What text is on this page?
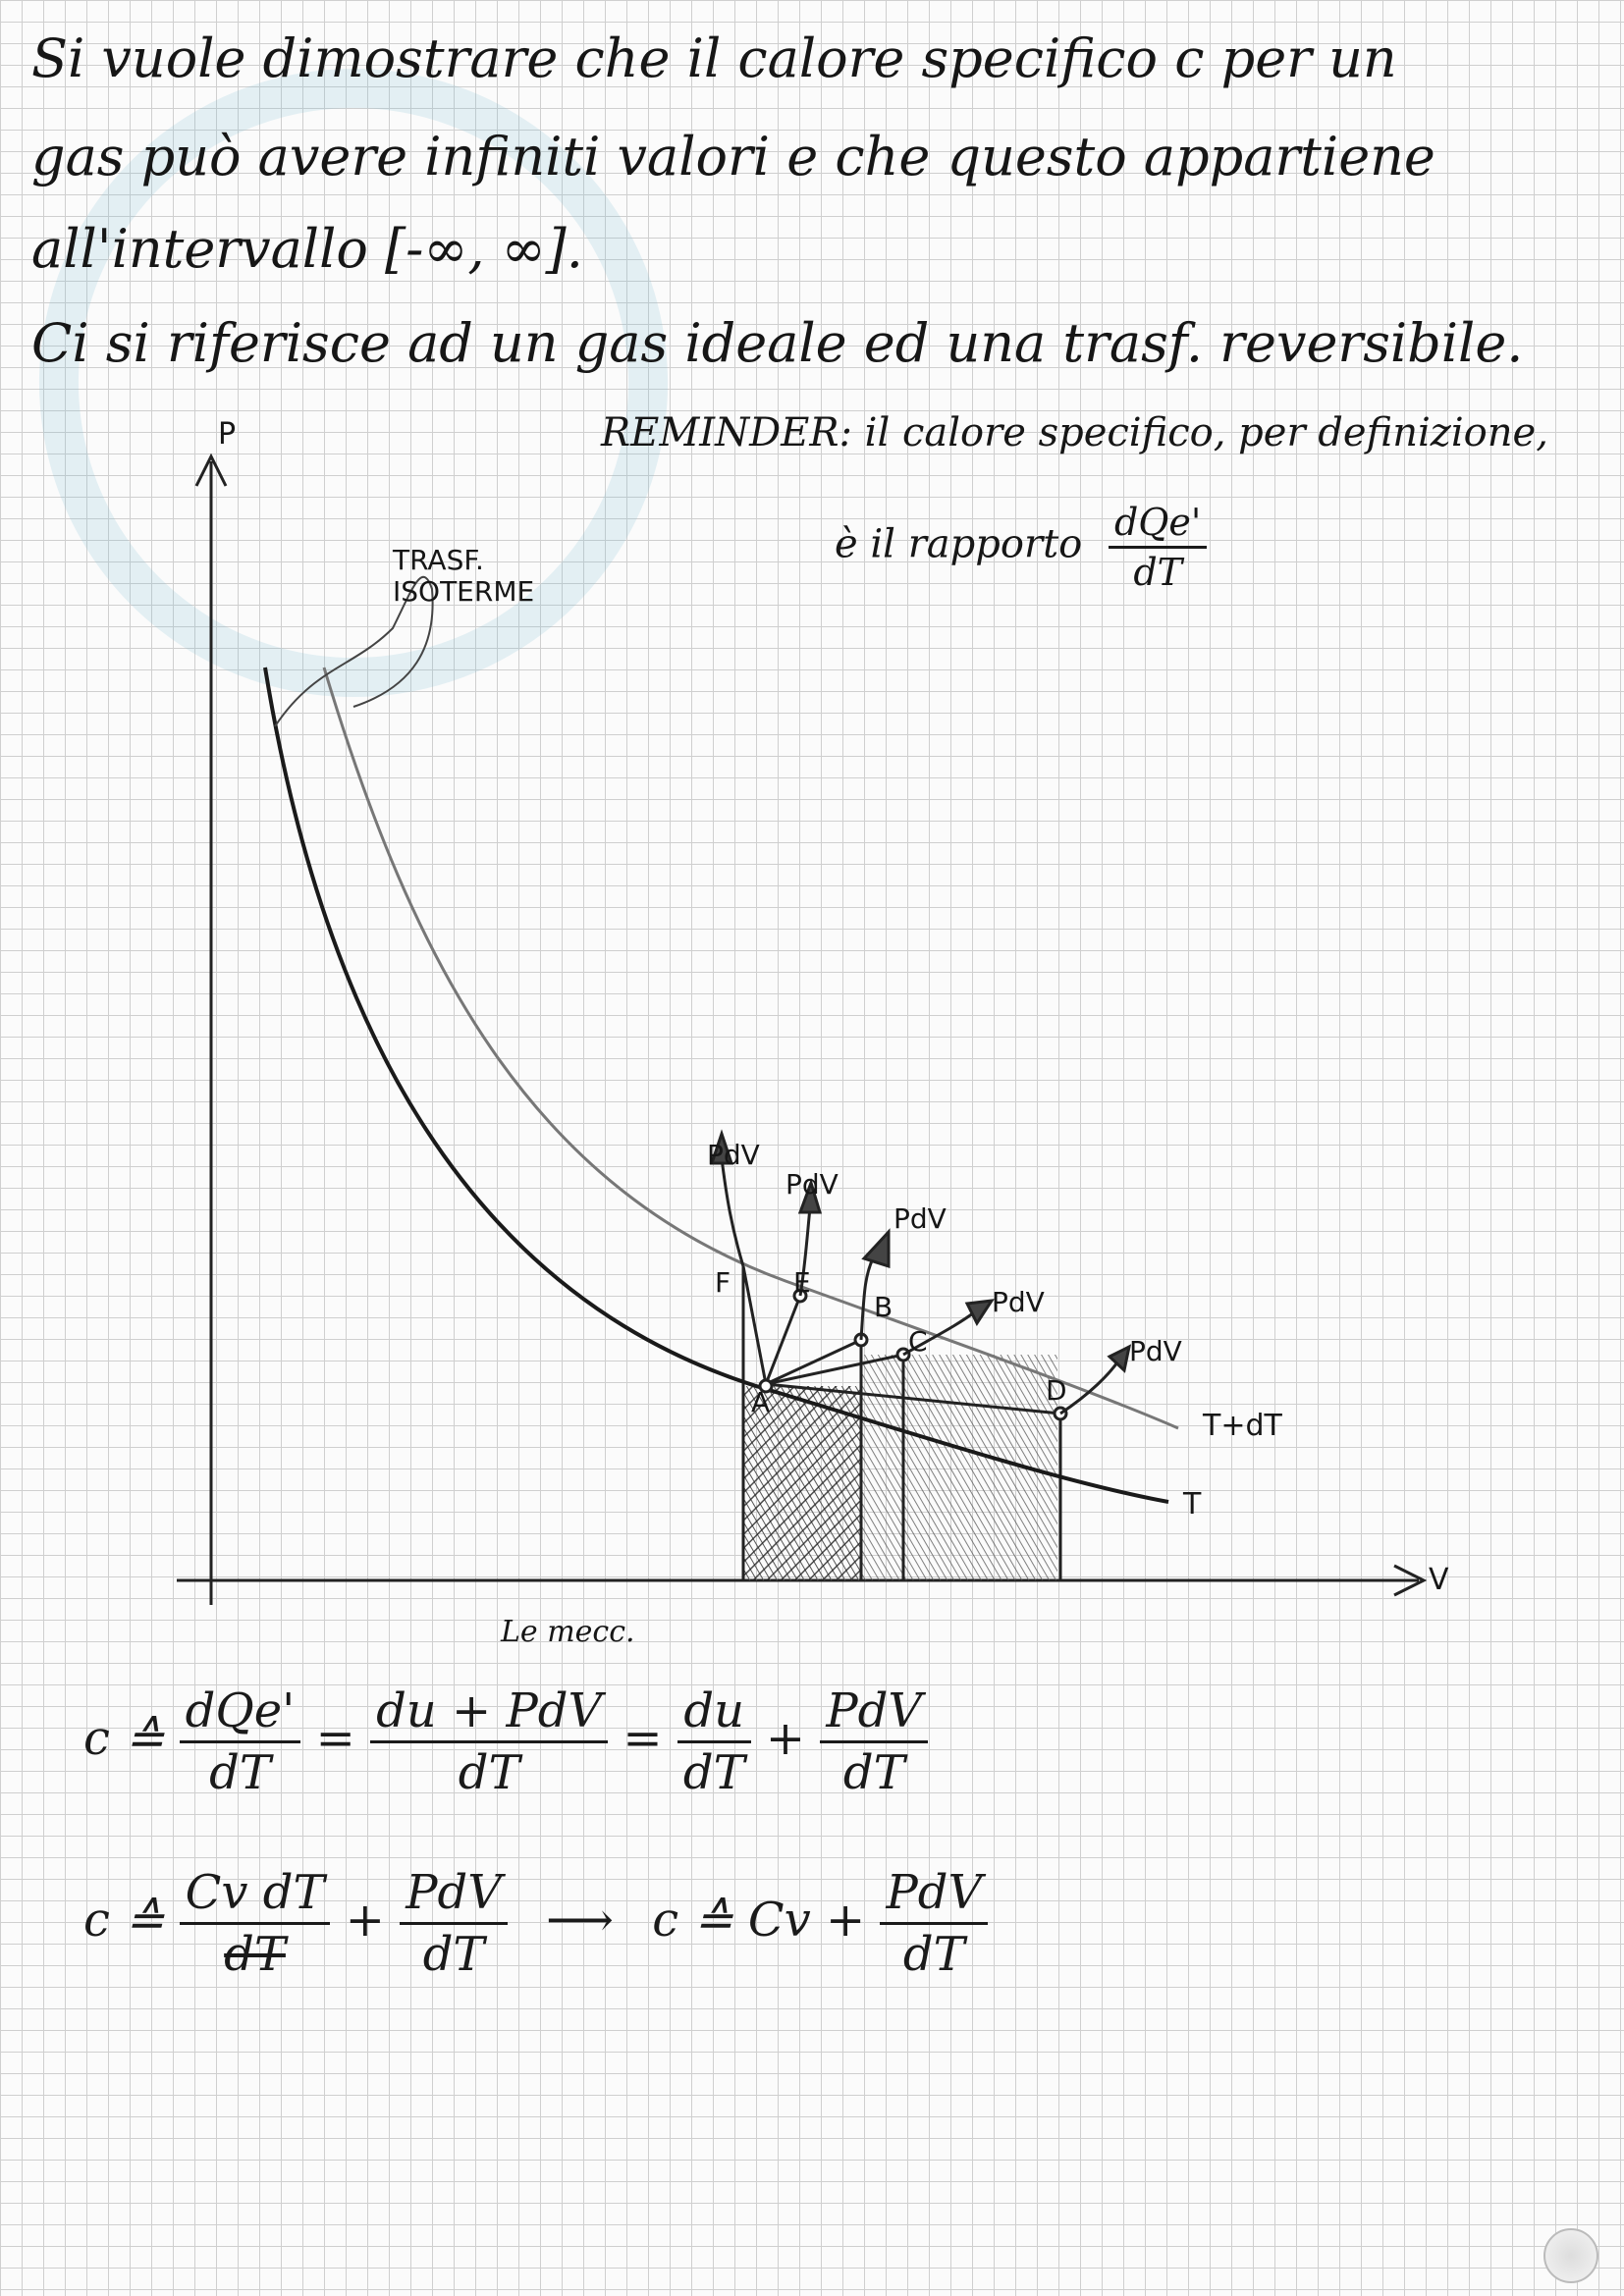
Si vuole dimostrare che il calore specifico c per un
gas può avere infiniti valori e che questo appartiene
all'intervallo [-∞, ∞].
Ci si riferisce ad un gas ideale ed una trasf. reversibile.
REMINDER: il calore specifico, per definizione,
è il rapporto $\frac{\text{dQe'}}{dT}$
P
V
TRASF. ISOTERME
T
T+dT
A
B
C
D
E
F
PdV
PdV
PdV
PdV
PdV
Le mecc.
c ≙ $\frac{\text{dQe'}}{dT} = \frac{\text{du + PdV}}{dT} = \frac{du}{dT} + \frac{\text{PdV}}{dT}$
c ≙ $\frac{\text{Cv dT}}{dT} + \frac{\text{PdV}}{dT}$ ⟶ c ≙ $Cv + \frac{\text{PdV}}{dT}$
